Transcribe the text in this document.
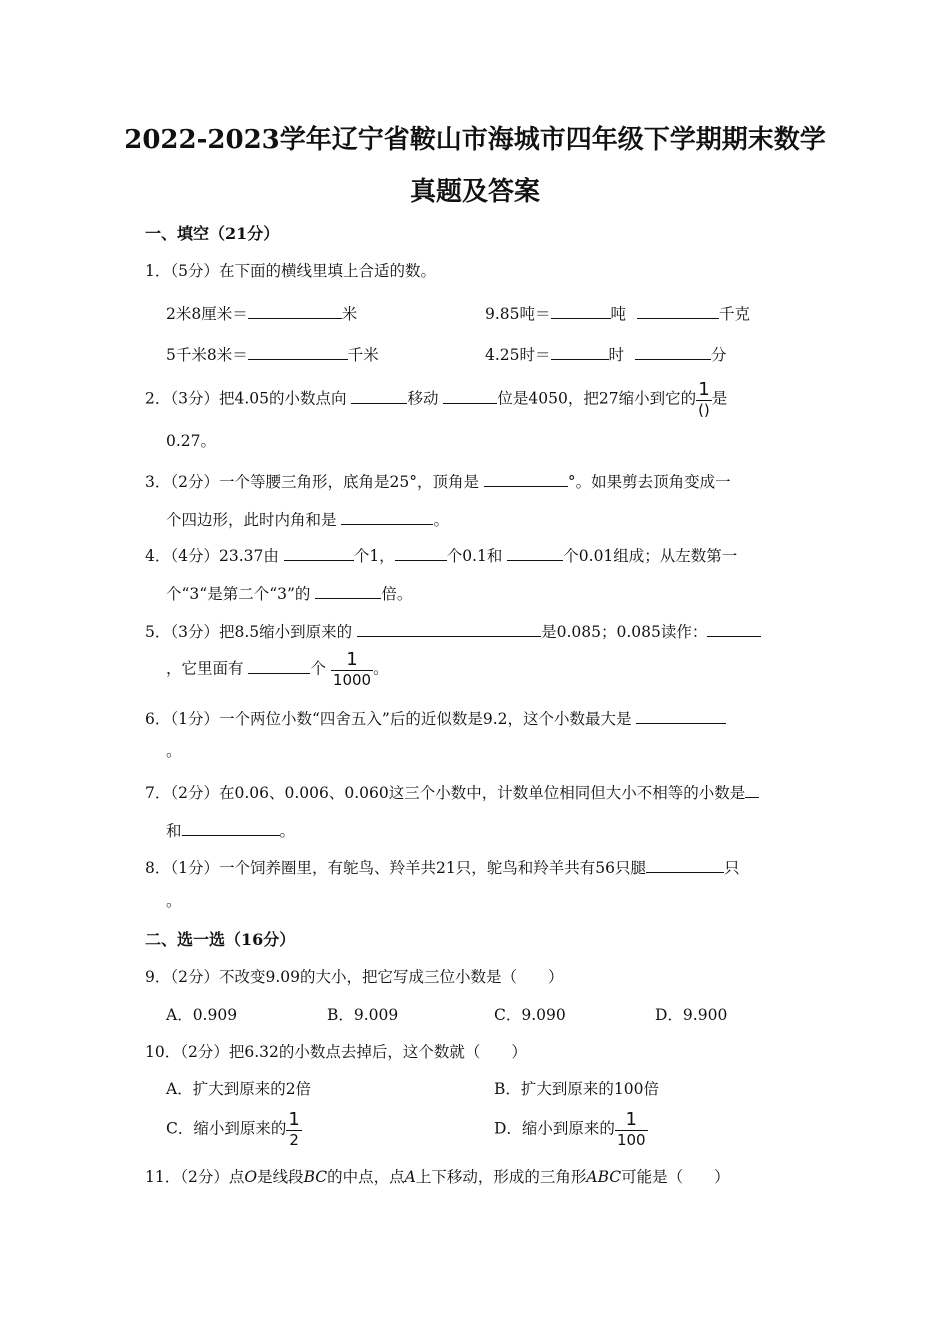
2022-2023学年辽宁省鞍山市海城市四年级下学期期末数学
真题及答案
一、填空（21分）
1．（5分）在下面的横线里填上合适的数。
2米8厘米＝	米	9.85吨＝	吨	千克
5千米8米＝	千米	4.25时＝	时	分
2．（3分）把4.05的小数点向	移动	位是4050，把27缩小到它的 $\frac{1}{()}$ 是
0.27。
3．（2分）一个等腰三角形，底角是25°，顶角是	°。如果剪去顶角变成一
个四边形，此时内角和是	。
4．（4分）23.37由	个1，	个0.1和	个0.01组成；从左数第一
个“3“是第二个“3”的	倍。
5．（3分）把8.5缩小到原来的	是0.085；0.085读作：
，它里面有	个 $\frac{1}{1000}$ 。
6．（1分）一个两位小数“四舍五入”后的近似数是9.2，这个小数最大是
。
7．（2分）在0.06、0.006、0.060这三个小数中，计数单位相同但大小不相等的小数是
和	。
8．（1分）一个饲养圈里，有鸵鸟、羚羊共21只，鸵鸟和羚羊共有56只腿	只
。
二、选一选（16分）
9．（2分）不改变9.09的大小，把它写成三位小数是（　　）
A．0.909	B．9.009	C．9.090	D．9.900
10．（2分）把6.32的小数点去掉后，这个数就（　　）
A．扩大到原来的2倍	B．扩大到原来的100倍
C．缩小到原来的 $\frac{1}{2}$	D．缩小到原来的 $\frac{1}{100}$
11．（2分）点O是线段BC的中点，点A上下移动，形成的三角形ABC可能是（　　）
